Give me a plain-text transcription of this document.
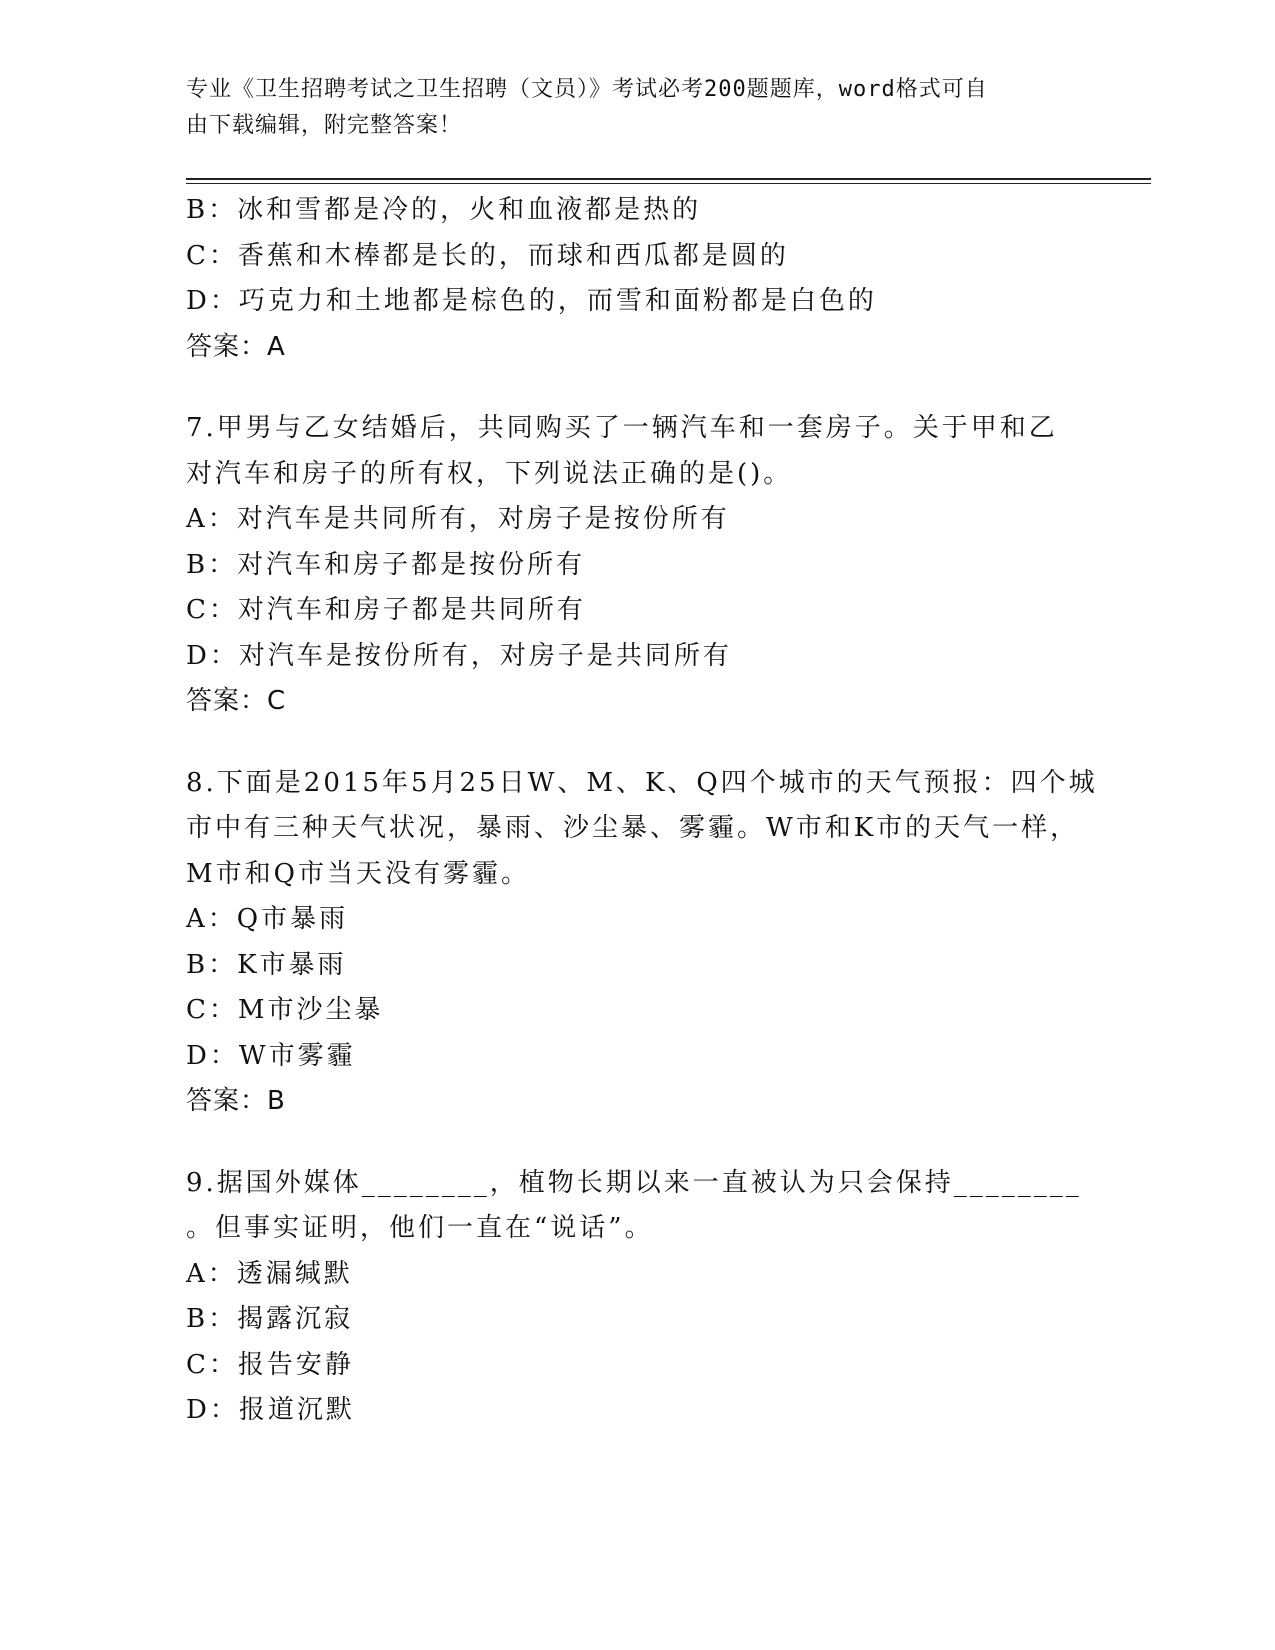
专业《卫生招聘考试之卫生招聘（文员）》考试必考200题题库，word格式可自
由下载编辑，附完整答案！
B：冰和雪都是冷的，火和血液都是热的
C：香蕉和木棒都是长的，而球和西瓜都是圆的
D：巧克力和土地都是棕色的，而雪和面粉都是白色的
答案：A
7.甲男与乙女结婚后，共同购买了一辆汽车和一套房子。关于甲和乙
对汽车和房子的所有权，下列说法正确的是()。
A：对汽车是共同所有，对房子是按份所有
B：对汽车和房子都是按份所有
C：对汽车和房子都是共同所有
D：对汽车是按份所有，对房子是共同所有
答案：C
8.下面是2015年5月25日W、M、K、Q四个城市的天气预报：四个城
市中有三种天气状况，暴雨、沙尘暴、雾霾。W市和K市的天气一样，
M市和Q市当天没有雾霾。
A：Q市暴雨
B：K市暴雨
C：M市沙尘暴
D：W市雾霾
答案：B
9.据国外媒体________，植物长期以来一直被认为只会保持________
。但事实证明，他们一直在“说话”。
A：透漏缄默
B：揭露沉寂
C：报告安静
D：报道沉默
